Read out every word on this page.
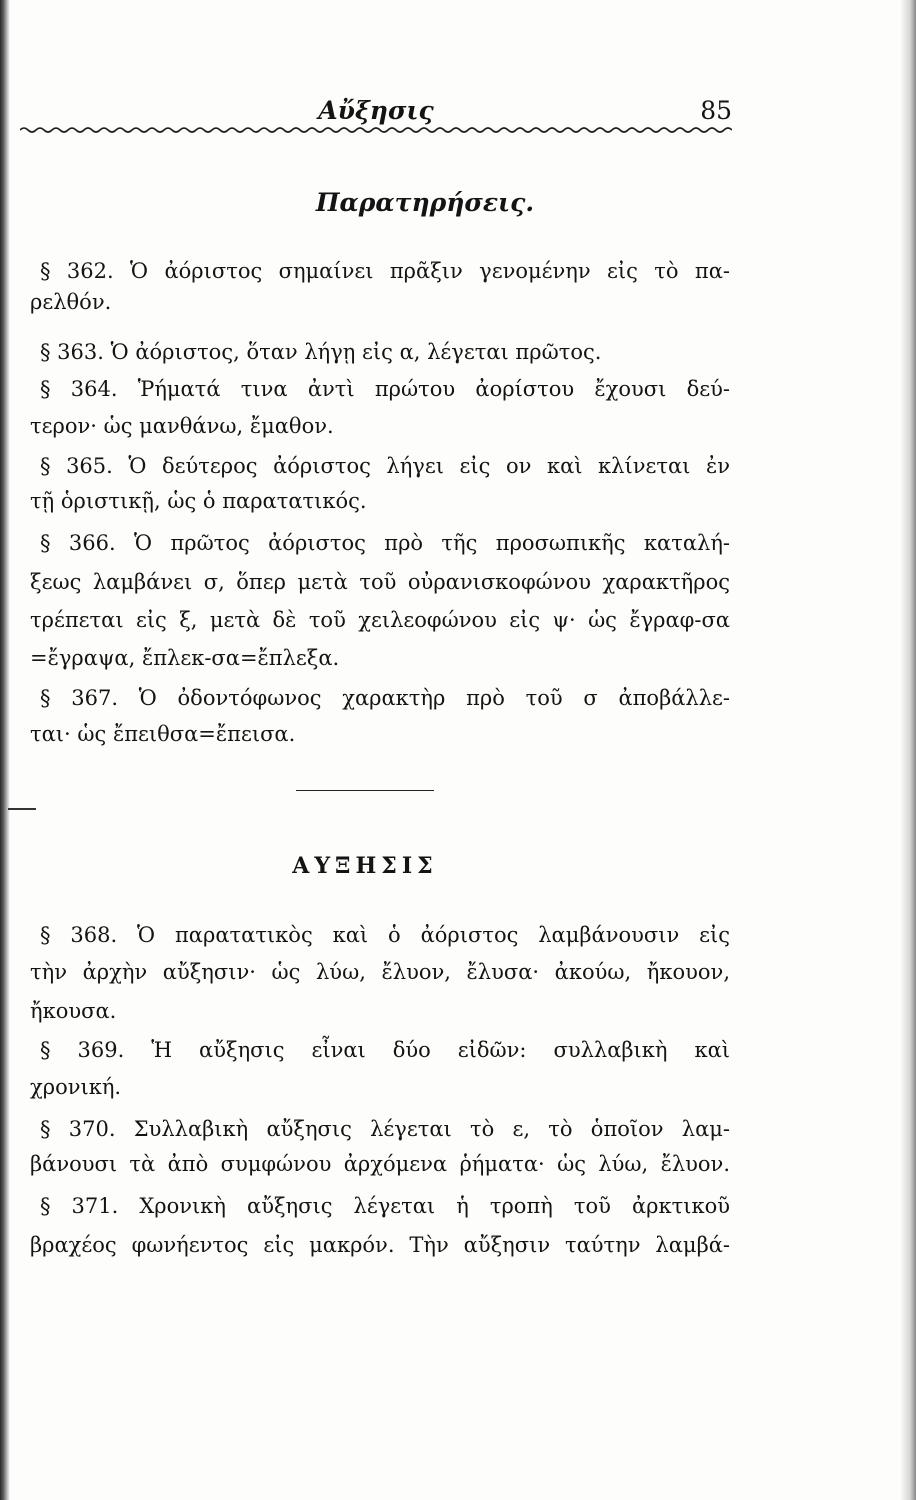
Αὔξησις	85
Παρατηρήσεις.
§ 362. Ὁ ἀόριστος σημαίνει πρᾶξιν γενομένην εἰς τὸ πα-
ρελθόν.
§ 363. Ὁ ἀόριστος, ὅταν λήγῃ εἰς α, λέγεται πρῶτος.
§ 364. Ῥήματά τινα ἀντὶ πρώτου ἀορίστου ἔχουσι δεύ-
τερον· ὡς μανθάνω, ἔμαθον.
§ 365. Ὁ δεύτερος ἀόριστος λήγει εἰς ον καὶ κλίνεται ἐν
τῇ ὁριστικῇ, ὡς ὁ παρατατικός.
§ 366. Ὁ πρῶτος ἀόριστος πρὸ τῆς προσωπικῆς καταλή-
ξεως λαμβάνει σ, ὅπερ μετὰ τοῦ οὐρανισκοφώνου χαρακτῆρος
τρέπεται εἰς ξ, μετὰ δὲ τοῦ χειλεοφώνου εἰς ψ· ὡς ἔγραφ-σα
=ἔγραψα, ἔπλεκ-σα=ἔπλεξα.
§ 367. Ὁ ὀδοντόφωνος χαρακτὴρ πρὸ τοῦ σ ἀποβάλλε-
ται· ὡς ἔπειθσα=ἔπεισα.
ΑΥΞΗΣΙΣ
§ 368. Ὁ παρατατικὸς καὶ ὁ ἀόριστος λαμβάνουσιν εἰς
τὴν ἀρχὴν αὔξησιν· ὡς λύω, ἔλυον, ἔλυσα· ἀκούω, ἤκουον,
ἤκουσα.
§ 369. Ἡ αὔξησις εἶναι δύο εἰδῶν: συλλαβικὴ καὶ
χρονική.
§ 370. Συλλαβικὴ αὔξησις λέγεται τὸ ε, τὸ ὁποῖον λαμ-
βάνουσι τὰ ἀπὸ συμφώνου ἀρχόμενα ῥήματα· ὡς λύω, ἔλυον.
§ 371. Χρονικὴ αὔξησις λέγεται ἡ τροπὴ τοῦ ἀρκτικοῦ
βραχέος φωνήεντος εἰς μακρόν. Τὴν αὔξησιν ταύτην λαμβά-
